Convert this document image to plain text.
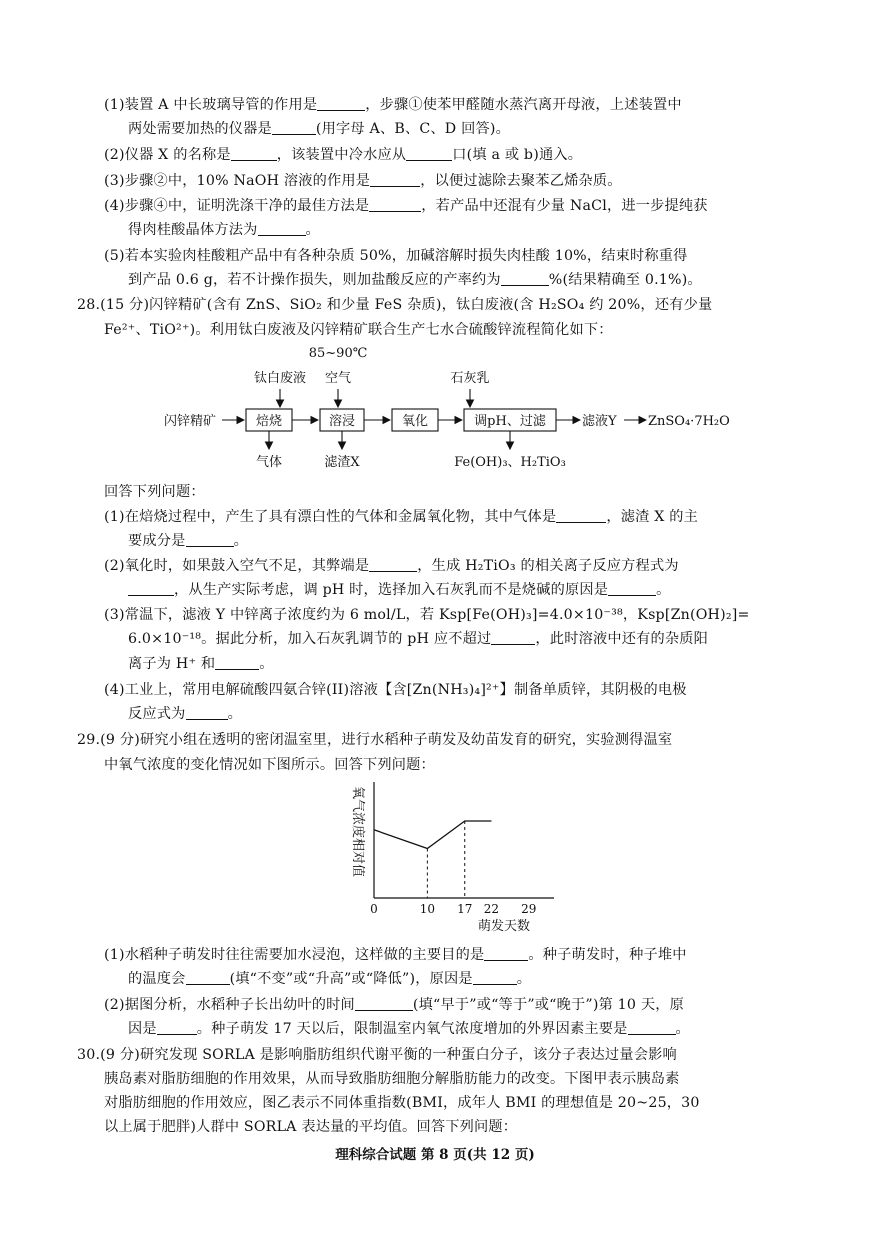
(1)装置 A 中长玻璃导管的作用是	，步骤①使苯甲醛随水蒸汽离开母液，上述装置中
两处需要加热的仪器是	(用字母 A、B、C、D 回答)。
(2)仪器 X 的名称是	，该装置中冷水应从	口(填 a 或 b)通入。
(3)步骤②中，10% NaOH 溶液的作用是	，以便过滤除去聚苯乙烯杂质。
(4)步骤④中，证明洗涤干净的最佳方法是	，若产品中还混有少量 NaCl，进一步提纯获
得肉桂酸晶体方法为	。
(5)若本实验肉桂酸粗产品中有各种杂质 50%，加碱溶解时损失肉桂酸 10%，结束时称重得
到产品 0.6 g，若不计操作损失，则加盐酸反应的产率约为	%(结果精确至 0.1%)。
28.(15 分)闪锌精矿(含有 ZnS、SiO₂ 和少量 FeS 杂质)，钛白废液(含 H₂SO₄ 约 20%，还有少量
Fe²⁺、TiO²⁺)。利用钛白废液及闪锌精矿联合生产七水合硫酸锌流程简化如下：
85~90℃
钛白废液 空气	石灰乳
闪锌精矿	焙烧	溶浸	氧化	调pH、过滤	滤液Y ZnSO₄·7H₂O
气体	滤渣X	Fe(OH)₃、H₂TiO₃
回答下列问题：
(1)在焙烧过程中，产生了具有漂白性的气体和金属氧化物，其中气体是	，滤渣 X 的主
要成分是	。
(2)氧化时，如果鼓入空气不足，其弊端是	，生成 H₂TiO₃ 的相关离子反应方程式为
，从生产实际考虑，调 pH 时，选择加入石灰乳而不是烧碱的原因是	。
(3)常温下，滤液 Y 中锌离子浓度约为 6 mol/L，若 Ksp[Fe(OH)₃]=4.0×10⁻³⁸，Ksp[Zn(OH)₂]=
6.0×10⁻¹⁸。据此分析，加入石灰乳调节的 pH 应不超过	，此时溶液中还有的杂质阳
离子为 H⁺ 和	。
(4)工业上，常用电解硫酸四氨合锌(II)溶液【含[Zn(NH₃)₄]²⁺】制备单质锌，其阴极的电极
反应式为	。
29.(9 分)研究小组在透明的密闭温室里，进行水稻种子萌发及幼苗发育的研究，实验测得温室
中氧气浓度的变化情况如下图所示。回答下列问题：
氧气浓度相对值
0	10 17 22 29
萌发天数
(1)水稻种子萌发时往往需要加水浸泡，这样做的主要目的是	。种子萌发时，种子堆中
的温度会	(填“不变”或“升高”或“降低”)，原因是	。
(2)据图分析，水稻种子长出幼叶的时间	(填“早于”或“等于”或“晚于”)第 10 天，原
因是	。种子萌发 17 天以后，限制温室内氧气浓度增加的外界因素主要是	。
30.(9 分)研究发现 SORLA 是影响脂肪组织代谢平衡的一种蛋白分子，该分子表达过量会影响
胰岛素对脂肪细胞的作用效果，从而导致脂肪细胞分解脂肪能力的改变。下图甲表示胰岛素
对脂肪细胞的作用效应，图乙表示不同体重指数(BMI，成年人 BMI 的理想值是 20~25，30
以上属于肥胖)人群中 SORLA 表达量的平均值。回答下列问题：
理科综合试题 第 8 页(共 12 页)
